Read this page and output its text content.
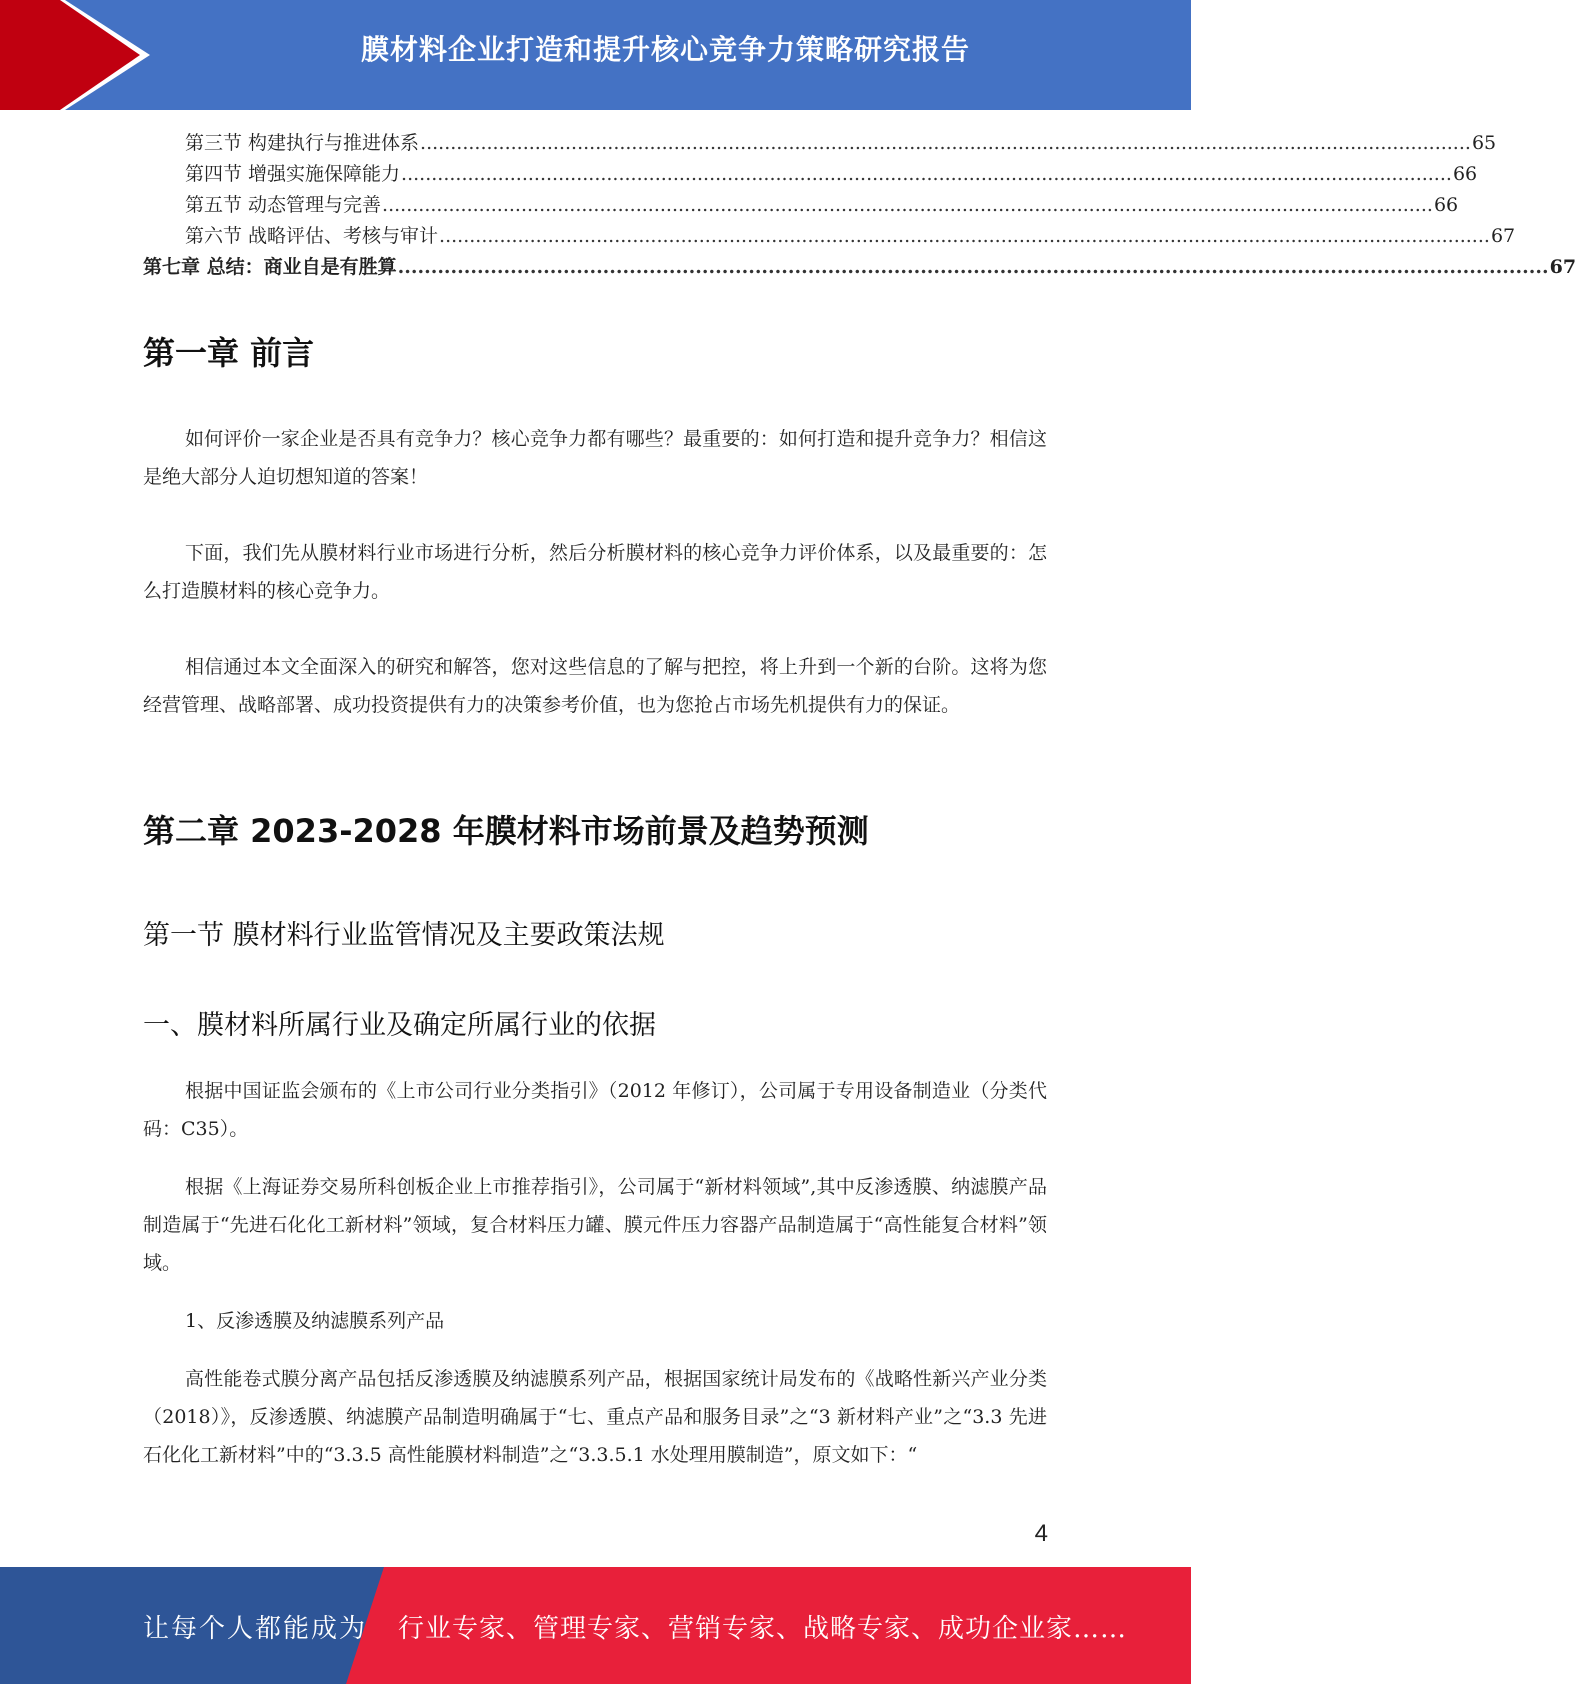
膜材料企业打造和提升核心竞争力策略研究报告
第三节 构建执行与推进体系 .............................................................................................................................................................................. 65
第四节 增强实施保障能力 .............................................................................................................................................................................. 66
第五节 动态管理与完善 .............................................................................................................................................................................. 66
第六节 战略评估、考核与审计 .............................................................................................................................................................................. 67
第七章 总结：商业自是有胜算 .............................................................................................................................................................................. 67
第一章 前言

如何评价一家企业是否具有竞争力？核心竞争力都有哪些？最重要的：如何打造和提升竞争力？相信这是绝大部分人迫切想知道的答案！

下面，我们先从膜材料行业市场进行分析，然后分析膜材料的核心竞争力评价体系，以及最重要的：怎么打造膜材料的核心竞争力。

相信通过本文全面深入的研究和解答，您对这些信息的了解与把控，将上升到一个新的台阶。这将为您经营管理、战略部署、成功投资提供有力的决策参考价值，也为您抢占市场先机提供有力的保证。

第二章 2023-2028 年膜材料市场前景及趋势预测
第一节 膜材料行业监管情况及主要政策法规
一、膜材料所属行业及确定所属行业的依据

根据中国证监会颁布的《上市公司行业分类指引》（2012 年修订），公司属于专用设备制造业（分类代码：C35）。

根据《上海证券交易所科创板企业上市推荐指引》，公司属于“新材料领域”,其中反渗透膜、纳滤膜产品制造属于“先进石化化工新材料”领域，复合材料压力罐、膜元件压力容器产品制造属于“高性能复合材料”领域。

1、反渗透膜及纳滤膜系列产品

高性能卷式膜分离产品包括反渗透膜及纳滤膜系列产品，根据国家统计局发布的《战略性新兴产业分类（2018）》，反渗透膜、纳滤膜产品制造明确属于“七、重点产品和服务目录”之“3 新材料产业”之“3.3 先进石化化工新材料”中的“3.3.5 高性能膜材料制造”之“3.3.5.1 水处理用膜制造”，原文如下：“

4
让每个人都能成为 行业专家、管理专家、营销专家、战略专家、成功企业家……
